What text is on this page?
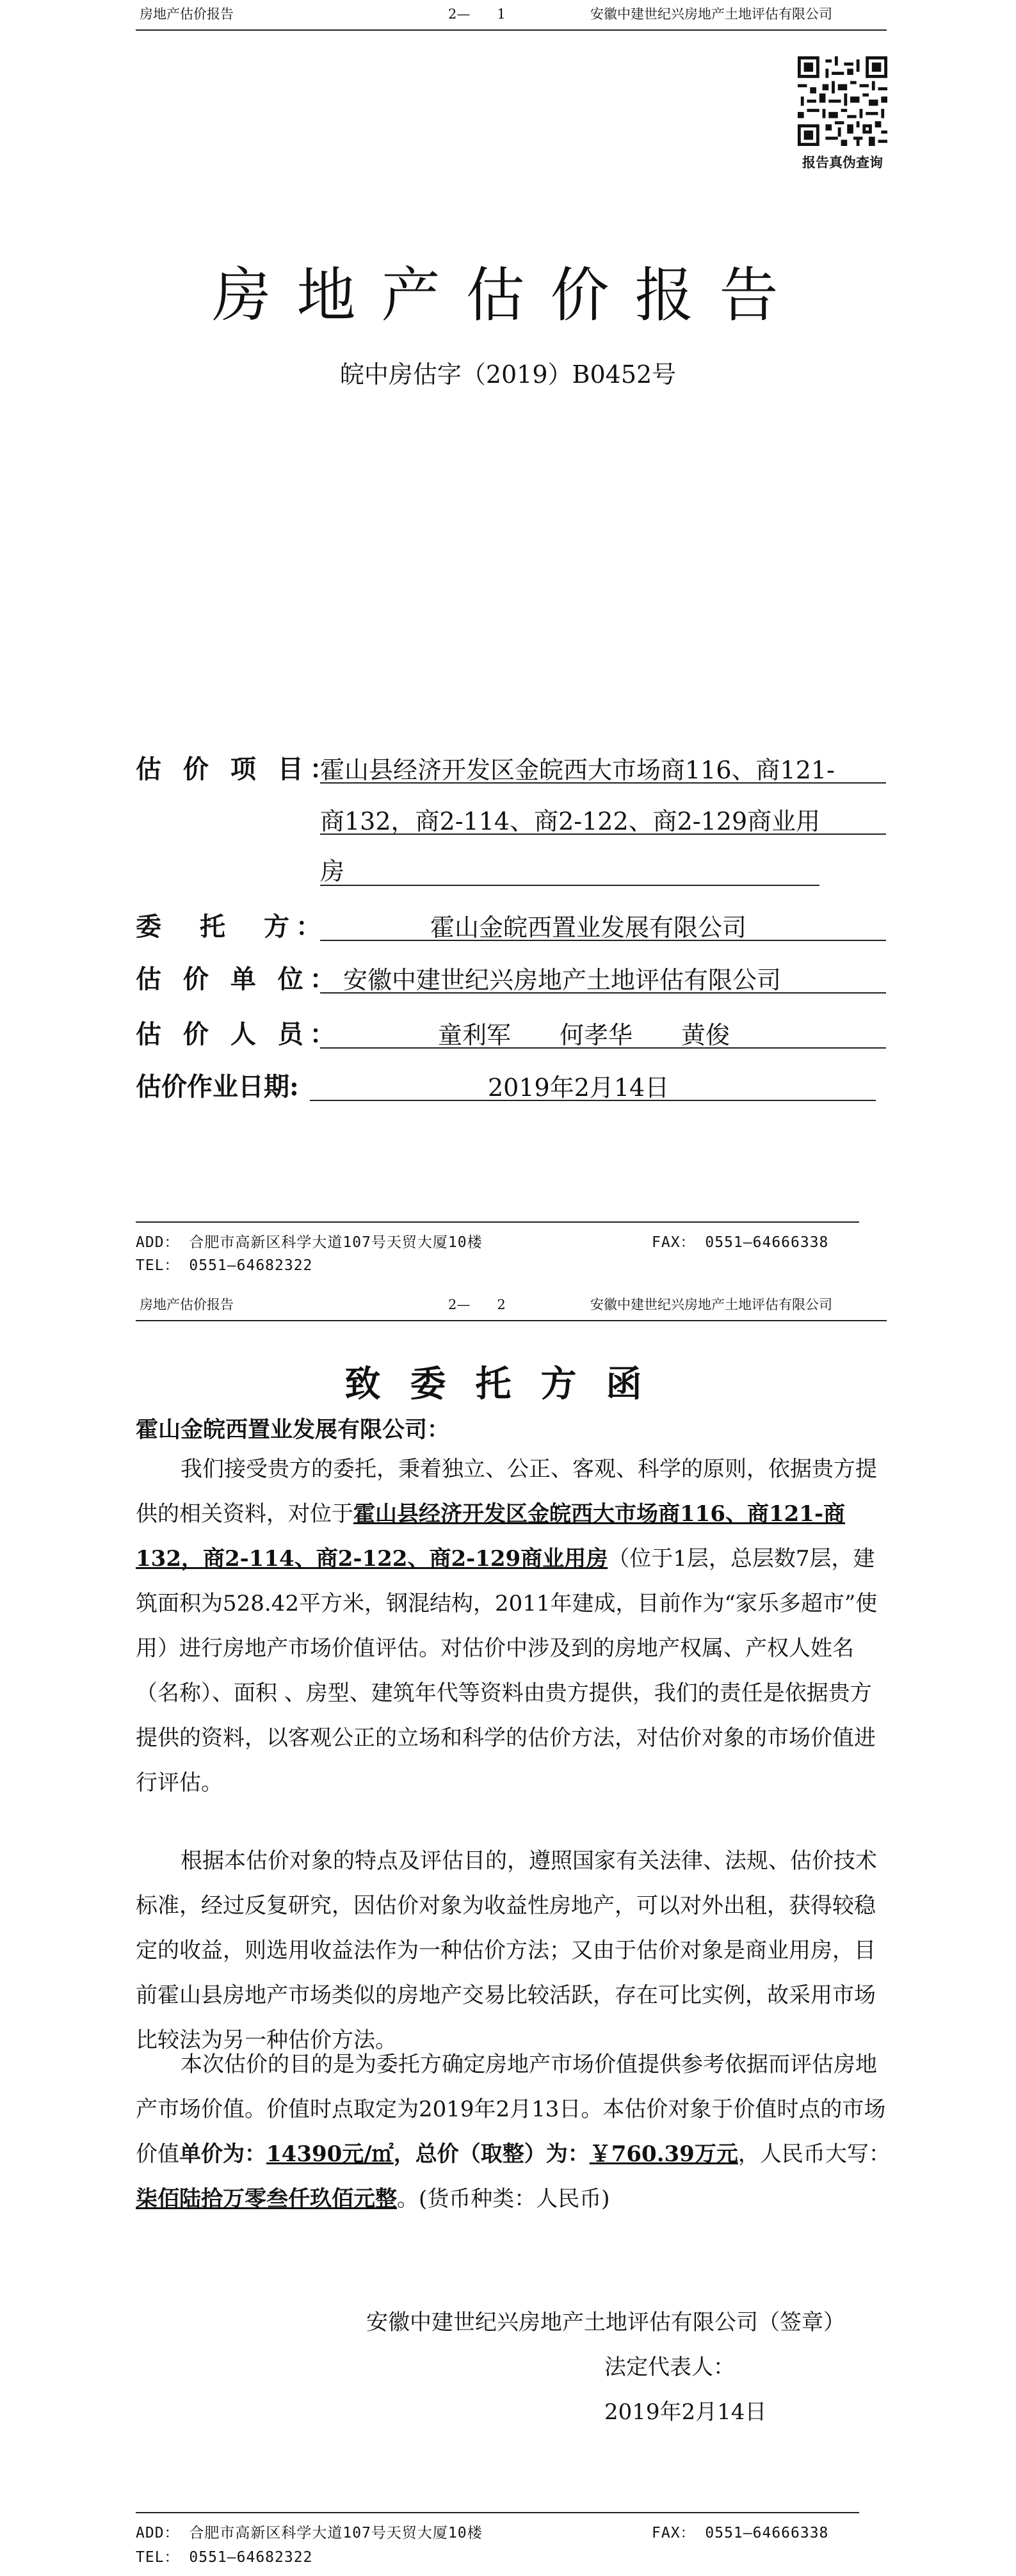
房地产估价报告	2—　　1	安徽中建世纪兴房地产土地评估有限公司
报告真伪查询
房地产估价报告
皖中房估字（2019）B0452号
估 价 项 目：
霍山县经济开发区金皖西大市场商116、商121-
商132，商2-114、商2-122、商2-129商业用
房
委　托　方：	霍山金皖西置业发展有限公司
估 价 单 位： 安徽中建世纪兴房地产土地评估有限公司
估 价 人 员：	童利军　　何孝华　　黄俊
估价作业日期:	2019年2月14日
ADD： 合肥市高新区科学大道107号天贸大厦10楼	FAX： 0551—64666338
TEL： 0551—64682322
房地产估价报告	2—　　2	安徽中建世纪兴房地产土地评估有限公司
致委托方函
霍山金皖西置业发展有限公司：
我们接受贵方的委托，秉着独立、公正、客观、科学的原则，依据贵方提供的相关资料，对位于霍山县经济开发区金皖西大市场商116、商121-商132，商2-114、商2-122、商2-129商业用房（位于1层，总层数7层，建筑面积为528.42平方米，钢混结构，2011年建成，目前作为“家乐多超市”使用）进行房地产市场价值评估。对估价中涉及到的房地产权属、产权人姓名（名称）、面积 、房型、建筑年代等资料由贵方提供，我们的责任是依据贵方提供的资料，以客观公正的立场和科学的估价方法，对估价对象的市场价值进行评估。
根据本估价对象的特点及评估目的，遵照国家有关法律、法规、估价技术标准，经过反复研究，因估价对象为收益性房地产，可以对外出租，获得较稳定的收益，则选用收益法作为一种估价方法；又由于估价对象是商业用房，目前霍山县房地产市场类似的房地产交易比较活跃，存在可比实例，故采用市场比较法为另一种估价方法。
本次估价的目的是为委托方确定房地产市场价值提供参考依据而评估房地产市场价值。价值时点取定为2019年2月13日。本估价对象于价值时点的市场价值单价为：14390元/㎡，总价（取整）为：￥760.39万元，人民币大写：柒佰陆拾万零叁仟玖佰元整。(货币种类：人民币)
安徽中建世纪兴房地产土地评估有限公司（签章）
法定代表人：
2019年2月14日
ADD： 合肥市高新区科学大道107号天贸大厦10楼	FAX： 0551—64666338
TEL： 0551—64682322
